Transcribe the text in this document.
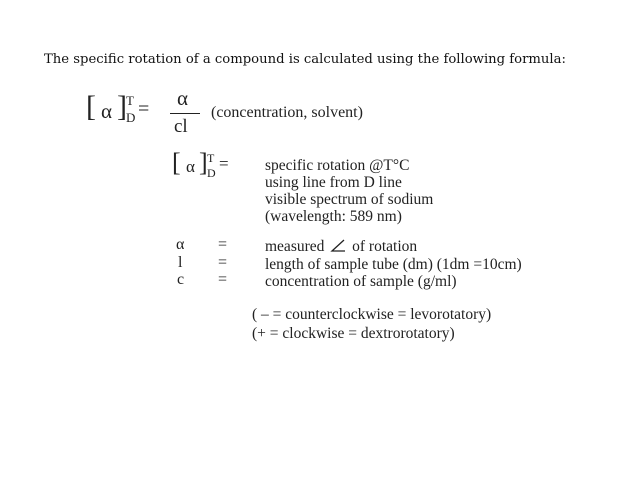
The specific rotation of a compound is calculated using the following formula:
[ α ] T
D = α
cl
(concentration, solvent)
[ α ] T
D = specific rotation @T°C
using line from D line
visible spectrum of sodium
(wavelength: 589 nm)
α = measured of rotation
l = length of sample tube (dm) (1dm =10cm)
c = concentration of sample (g/ml)
( – = counterclockwise = levorotatory)
(+ = clockwise = dextrorotatory)
